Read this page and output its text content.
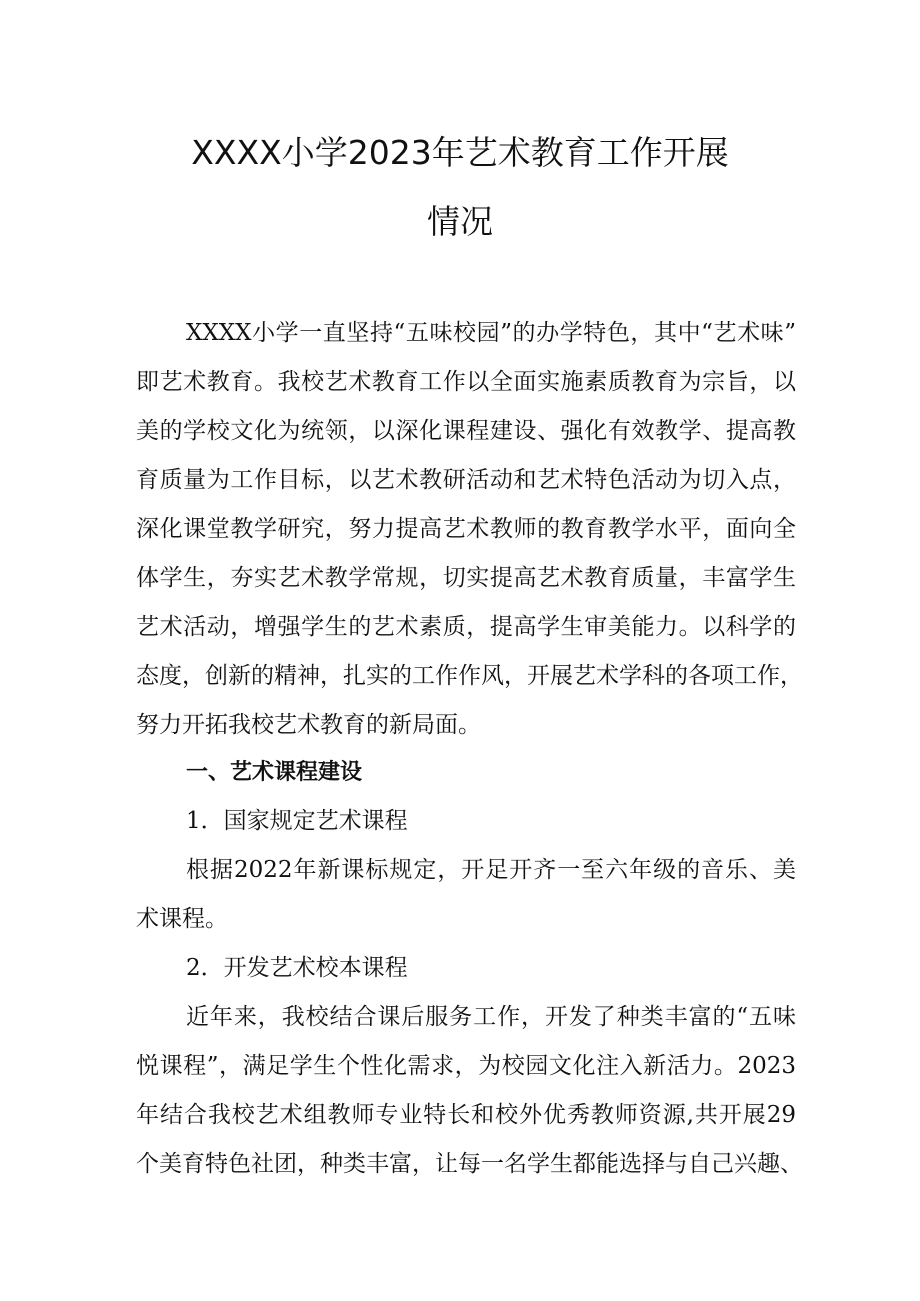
XXXX小学2023年艺术教育工作开展
情况
XXXX小学一直坚持“五味校园”的办学特色，其中“艺术味”
即艺术教育。我校艺术教育工作以全面实施素质教育为宗旨，以
美的学校文化为统领，以深化课程建设、强化有效教学、提高教
育质量为工作目标，以艺术教研活动和艺术特色活动为切入点，
深化课堂教学研究，努力提高艺术教师的教育教学水平，面向全
体学生，夯实艺术教学常规，切实提高艺术教育质量，丰富学生
艺术活动，增强学生的艺术素质，提高学生审美能力。以科学的
态度，创新的精神，扎实的工作作风，开展艺术学科的各项工作，
努力开拓我校艺术教育的新局面。
一、艺术课程建设
1．国家规定艺术课程
根据2022年新课标规定，开足开齐一至六年级的音乐、美
术课程。
2．开发艺术校本课程
近年来，我校结合课后服务工作，开发了种类丰富的“五味
悦课程”，满足学生个性化需求，为校园文化注入新活力。2023
年结合我校艺术组教师专业特长和校外优秀教师资源,共开展29
个美育特色社团，种类丰富，让每一名学生都能选择与自己兴趣、
